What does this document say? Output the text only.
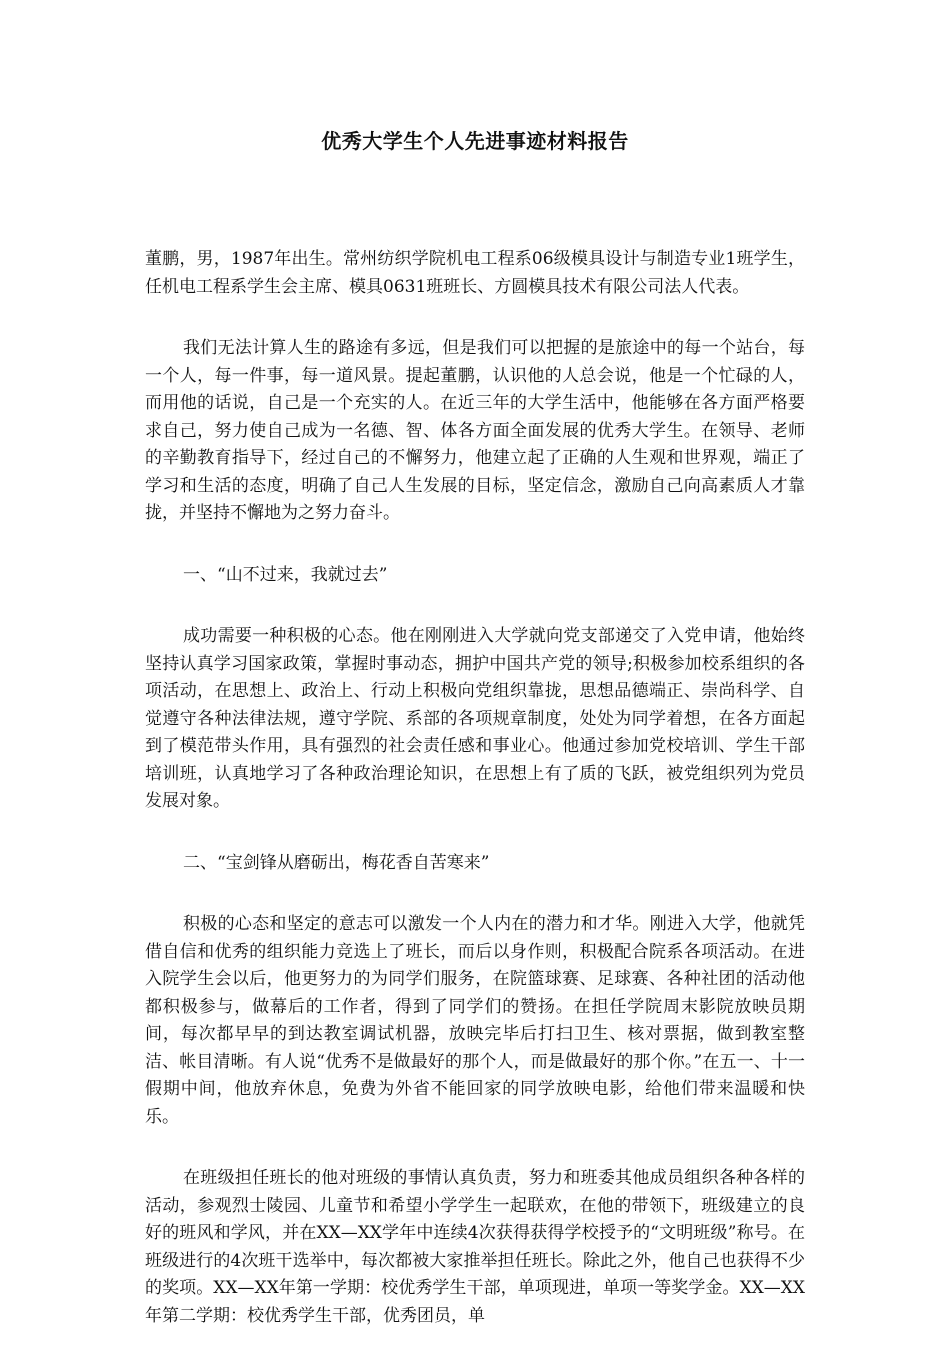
优秀大学生个人先进事迹材料报告

董鹏，男，1987年出生。常州纺织学院机电工程系06级模具设计与制造专业1班学生，任机电工程系学生会主席、模具0631班班长、方圆模具技术有限公司法人代表。

我们无法计算人生的路途有多远，但是我们可以把握的是旅途中的每一个站台，每一个人，每一件事，每一道风景。提起董鹏，认识他的人总会说，他是一个忙碌的人，而用他的话说，自己是一个充实的人。在近三年的大学生活中，他能够在各方面严格要求自己，努力使自己成为一名德、智、体各方面全面发展的优秀大学生。在领导、老师的辛勤教育指导下，经过自己的不懈努力，他建立起了正确的人生观和世界观，端正了学习和生活的态度，明确了自己人生发展的目标，坚定信念，激励自己向高素质人才靠拢，并坚持不懈地为之努力奋斗。

一、“山不过来，我就过去”

成功需要一种积极的心态。他在刚刚进入大学就向党支部递交了入党申请，他始终坚持认真学习国家政策，掌握时事动态，拥护中国共产党的领导;积极参加校系组织的各项活动，在思想上、政治上、行动上积极向党组织靠拢，思想品德端正、崇尚科学、自觉遵守各种法律法规，遵守学院、系部的各项规章制度，处处为同学着想，在各方面起到了模范带头作用，具有强烈的社会责任感和事业心。他通过参加党校培训、学生干部培训班，认真地学习了各种政治理论知识，在思想上有了质的飞跃，被党组织列为党员发展对象。

二、“宝剑锋从磨砺出，梅花香自苦寒来”

积极的心态和坚定的意志可以激发一个人内在的潜力和才华。刚进入大学，他就凭借自信和优秀的组织能力竞选上了班长，而后以身作则，积极配合院系各项活动。在进入院学生会以后，他更努力的为同学们服务，在院篮球赛、足球赛、各种社团的活动他都积极参与，做幕后的工作者，得到了同学们的赞扬。在担任学院周末影院放映员期间，每次都早早的到达教室调试机器，放映完毕后打扫卫生、核对票据，做到教室整洁、帐目清晰。有人说“优秀不是做最好的那个人，而是做最好的那个你。”在五一、十一假期中间，他放弃休息，免费为外省不能回家的同学放映电影，给他们带来温暖和快乐。

在班级担任班长的他对班级的事情认真负责，努力和班委其他成员组织各种各样的活动，参观烈士陵园、儿童节和希望小学学生一起联欢，在他的带领下，班级建立的良好的班风和学风，并在XX—XX学年中连续4次获得获得学校授予的“文明班级”称号。在班级进行的4次班干选举中，每次都被大家推举担任班长。除此之外，他自己也获得不少的奖项。XX—XX年第一学期：校优秀学生干部，单项现进，单项一等奖学金。XX—XX年第二学期：校优秀学生干部，优秀团员，单
